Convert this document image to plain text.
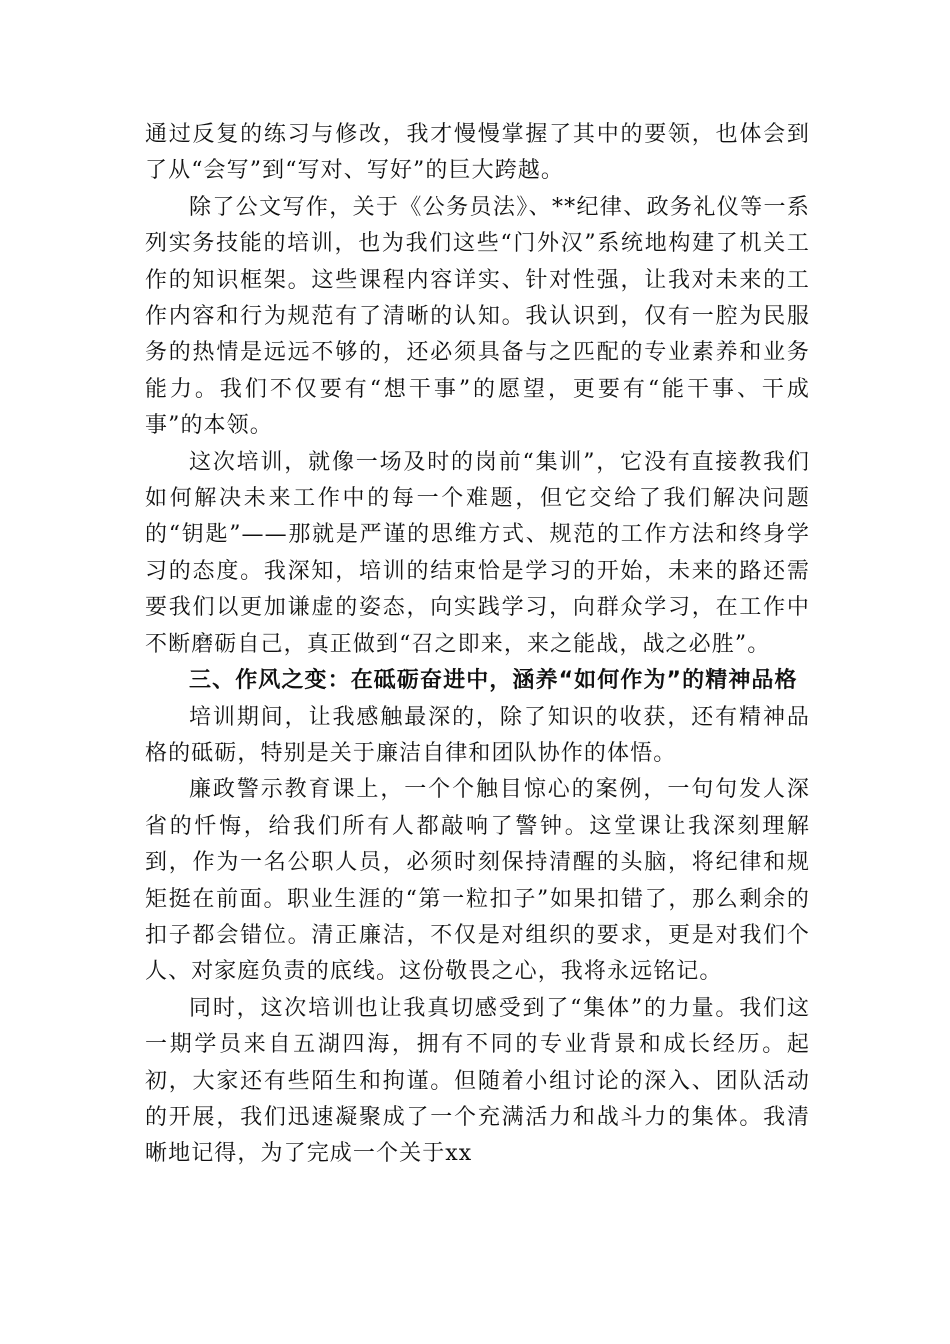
通过反复的练习与修改，我才慢慢掌握了其中的要领，也体会到了从“会写”到“写对、写好”的巨大跨越。

除了公文写作，关于《公务员法》、**纪律、政务礼仪等一系列实务技能的培训，也为我们这些“门外汉”系统地构建了机关工作的知识框架。这些课程内容详实、针对性强，让我对未来的工作内容和行为规范有了清晰的认知。我认识到，仅有一腔为民服务的热情是远远不够的，还必须具备与之匹配的专业素养和业务能力。我们不仅要有“想干事”的愿望，更要有“能干事、干成事”的本领。

这次培训，就像一场及时的岗前“集训”，它没有直接教我们如何解决未来工作中的每一个难题，但它交给了我们解决问题的“钥匙”——那就是严谨的思维方式、规范的工作方法和终身学习的态度。我深知，培训的结束恰是学习的开始，未来的路还需要我们以更加谦虚的姿态，向实践学习，向群众学习，在工作中不断磨砺自己，真正做到“召之即来，来之能战，战之必胜”。

三、作风之变：在砥砺奋进中，涵养“如何作为”的精神品格

培训期间，让我感触最深的，除了知识的收获，还有精神品格的砥砺，特别是关于廉洁自律和团队协作的体悟。

廉政警示教育课上，一个个触目惊心的案例，一句句发人深省的忏悔，给我们所有人都敲响了警钟。这堂课让我深刻理解到，作为一名公职人员，必须时刻保持清醒的头脑，将纪律和规矩挺在前面。职业生涯的“第一粒扣子”如果扣错了，那么剩余的扣子都会错位。清正廉洁，不仅是对组织的要求，更是对我们个人、对家庭负责的底线。这份敬畏之心，我将永远铭记。

同时，这次培训也让我真切感受到了“集体”的力量。我们这一期学员来自五湖四海，拥有不同的专业背景和成长经历。起初，大家还有些陌生和拘谨。但随着小组讨论的深入、团队活动的开展，我们迅速凝聚成了一个充满活力和战斗力的集体。我清晰地记得，为了完成一个关于xx
